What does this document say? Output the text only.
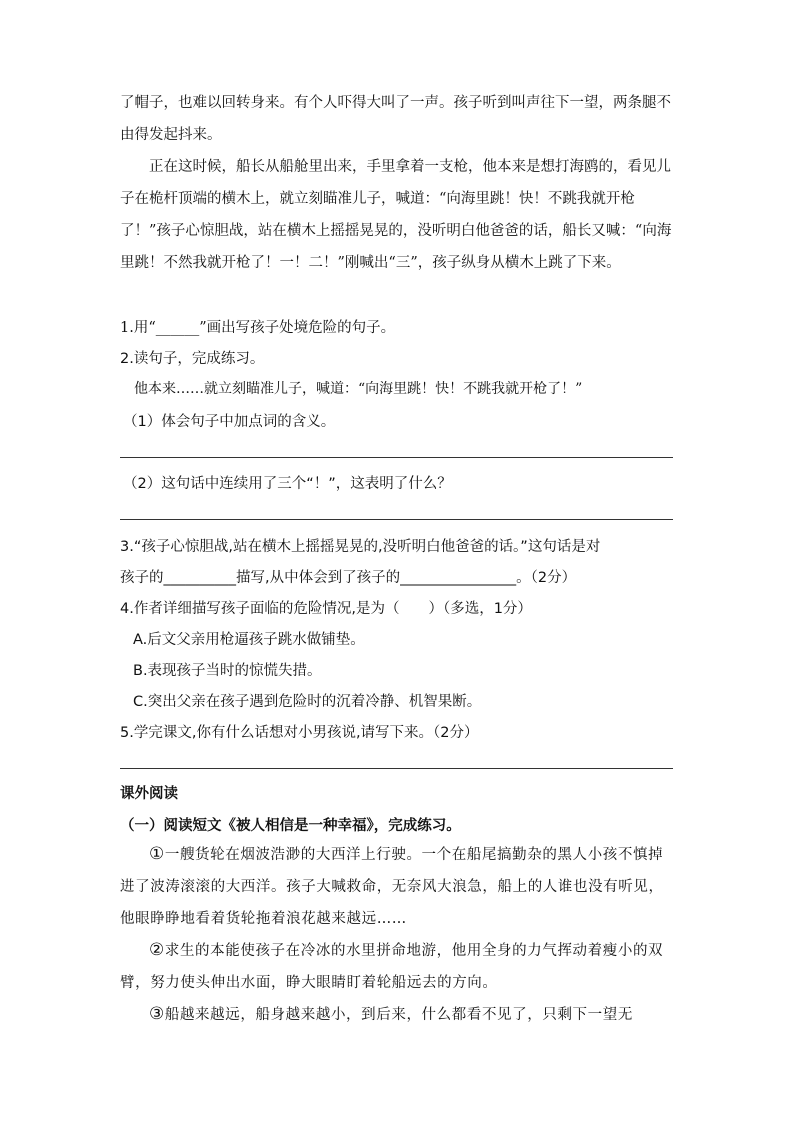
了帽子，也难以回转身来。有个人吓得大叫了一声。孩子听到叫声往下一望，两条腿不由得发起抖来。
正在这时候，船长从船舱里出来，手里拿着一支枪，他本来是想打海鸥的，看见儿子在桅杆顶端的横木上，就立刻瞄准儿子，喊道：“向海里跳！快！不跳我就开枪了！”孩子心惊胆战，站在横木上摇摇晃晃的，没听明白他爸爸的话，船长又喊：“向海里跳！不然我就开枪了！一！二！”刚喊出“三”，孩子纵身从横木上跳了下来。
1.用“______”画出写孩子处境危险的句子。
2.读句子，完成练习。
他本来……就立刻瞄准儿子，喊道：“向海里跳！快！不跳我就开枪了！”
（1）体会句子中加点词的含义。
（2）这句话中连续用了三个“！”，这表明了什么？
3.“孩子心惊胆战,站在横木上摇摇晃晃的,没听明白他爸爸的话。”这句话是对
孩子的__________描写,从中体会到了孩子的________________。（2分）
4.作者详细描写孩子面临的危险情况,是为（　　）（多选，1分）
A.后文父亲用枪逼孩子跳水做铺垫。
B.表现孩子当时的惊慌失措。
C.突出父亲在孩子遇到危险时的沉着冷静、机智果断。
5.学完课文,你有什么话想对小男孩说,请写下来。（2分）
课外阅读
（一）阅读短文《被人相信是一种幸福》，完成练习。
①一艘货轮在烟波浩渺的大西洋上行驶。一个在船尾搞勤杂的黑人小孩不慎掉进了波涛滚滚的大西洋。孩子大喊救命，无奈风大浪急，船上的人谁也没有听见，他眼睁睁地看着货轮拖着浪花越来越远……
②求生的本能使孩子在冷冰的水里拼命地游，他用全身的力气挥动着瘦小的双臂，努力使头伸出水面，睁大眼睛盯着轮船远去的方向。
③船越来越远，船身越来越小，到后来，什么都看不见了，只剩下一望无
